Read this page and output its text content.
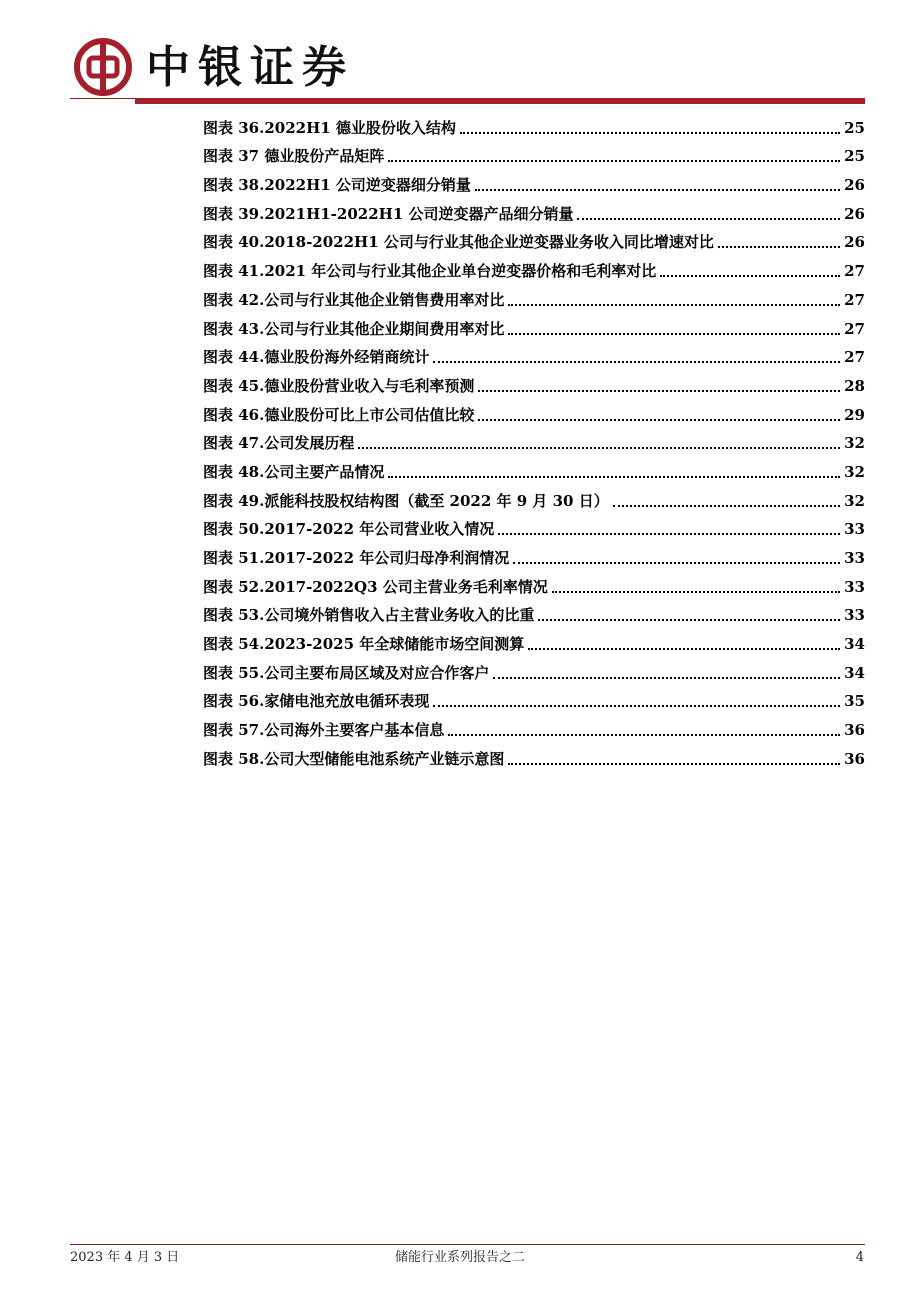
中银证券
图表 36.2022H1 德业股份收入结构	25
图表 37 德业股份产品矩阵	25
图表 38.2022H1 公司逆变器细分销量	26
图表 39.2021H1-2022H1 公司逆变器产品细分销量	26
图表 40.2018-2022H1 公司与行业其他企业逆变器业务收入同比增速对比	26
图表 41.2021 年公司与行业其他企业单台逆变器价格和毛利率对比	27
图表 42.公司与行业其他企业销售费用率对比	27
图表 43.公司与行业其他企业期间费用率对比	27
图表 44.德业股份海外经销商统计	27
图表 45.德业股份营业收入与毛利率预测	28
图表 46.德业股份可比上市公司估值比较	29
图表 47.公司发展历程	32
图表 48.公司主要产品情况	32
图表 49.派能科技股权结构图（截至 2022 年 9 月 30 日）	32
图表 50.2017-2022 年公司营业收入情况	33
图表 51.2017-2022 年公司归母净利润情况	33
图表 52.2017-2022Q3 公司主营业务毛利率情况	33
图表 53.公司境外销售收入占主营业务收入的比重	33
图表 54.2023-2025 年全球储能市场空间测算	34
图表 55.公司主要布局区域及对应合作客户	34
图表 56.家储电池充放电循环表现	35
图表 57.公司海外主要客户基本信息	36
图表 58.公司大型储能电池系统产业链示意图	36
2023 年 4 月 3 日	储能行业系列报告之二	4
